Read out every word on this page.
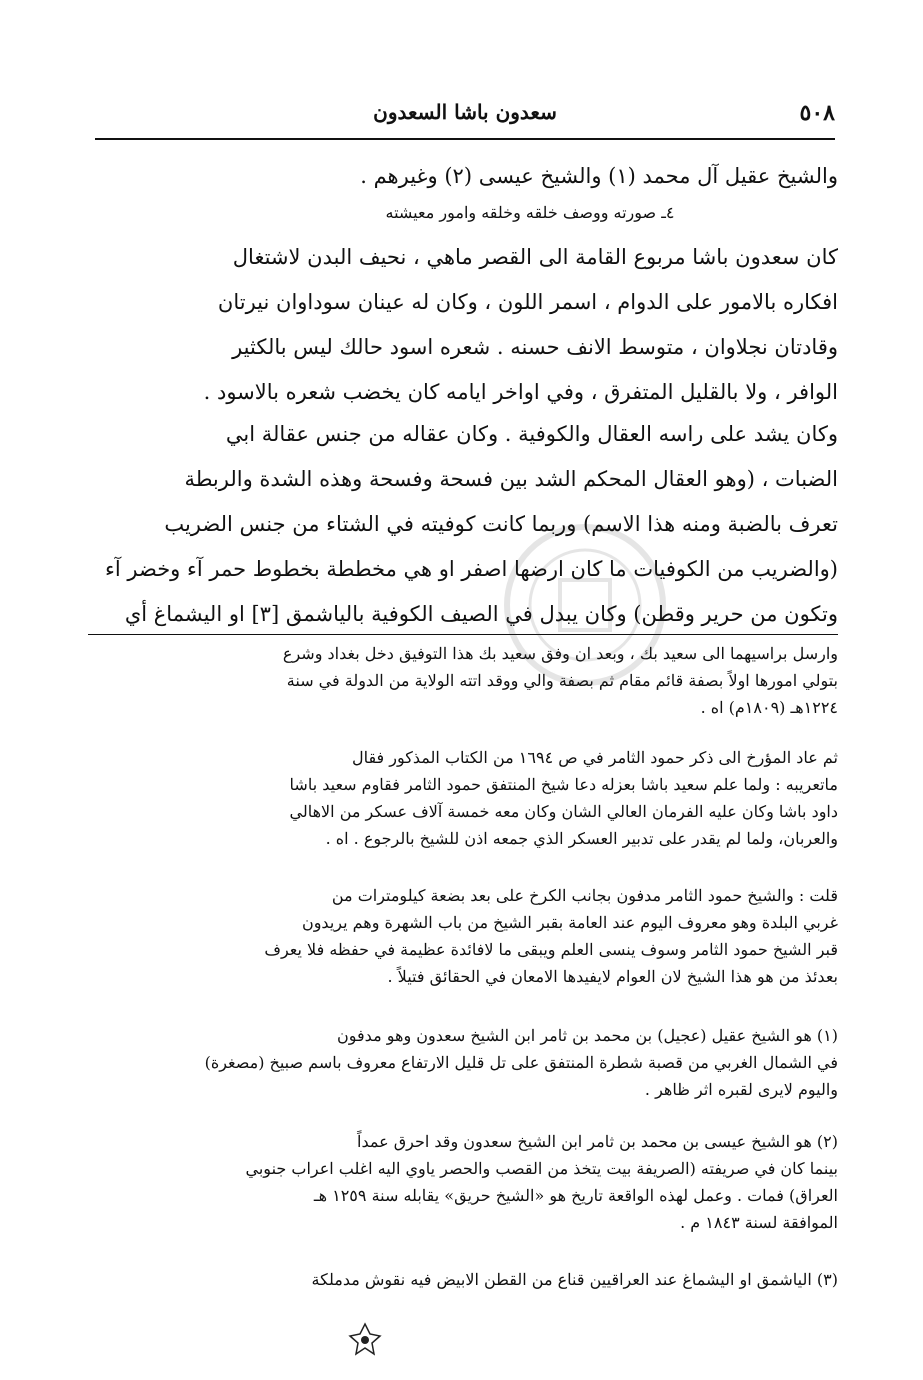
٥٠٨
سعدون باشا السعدون
والشيخ عقيل آل محمد (١) والشيخ عيسى (٢) وغيرهم .
٤ـ صورته ووصف خلقه وخلقه وامور معيشته
كان سعدون باشا مربوع القامة الى القصر ماهي ، نحيف البدن لاشتغال
افكاره بالامور على الدوام ، اسمر اللون ، وكان له عينان سوداوان نيرتان
وقادتان نجلاوان ، متوسط الانف حسنه . شعره اسود حالك ليس بالكثير
الوافر ، ولا بالقليل المتفرق ، وفي اواخر ايامه كان يخضب شعره بالاسود .
وكان يشد على راسه العقال والكوفية . وكان عقاله من جنس عقالة ابي
الضبات ، (وهو العقال المحكم الشد بين فسحة وفسحة وهذه الشدة والربطة
تعرف بالضبة ومنه هذا الاسم) وربما كانت كوفيته في الشتاء من جنس الضريب
(والضريب من الكوفيات ما كان ارضها اصفر او هي مخططة بخطوط حمر آء وخضر آء
وتكون من حرير وقطن) وكان يبدل في الصيف الكوفية بالياشمق [٣] او اليشماغ أي
وارسل براسيهما الى سعيد بك ، وبعد ان وفق سعيد بك هذا التوفيق دخل بغداد وشرع
بتولي امورها اولاً بصفة قائم مقام ثم بصفة والي ووقد اتته الولاية من الدولة في سنة
١٢٢٤هـ (١٨٠٩م) اه .
ثم عاد المؤرخ الى ذكر حمود الثامر في ص ١٦٩٤ من الكتاب المذكور فقال
ماتعريبه : ولما علم سعيد باشا بعزله دعا شيخ المنتفق حمود الثامر فقاوم سعيد باشا
داود باشا وكان عليه الفرمان العالي الشان وكان معه خمسة آلاف عسكر من الاهالي
والعربان، ولما لم يقدر على تدبير العسكر الذي جمعه اذن للشيخ بالرجوع . اه .
قلت : والشيخ حمود الثامر مدفون بجانب الكرخ على بعد بضعة كيلومترات من
غربي البلدة وهو معروف اليوم عند العامة بقبر الشيخ من باب الشهرة وهم يريدون
قبر الشيخ حمود الثامر وسوف ينسى العلم ويبقى ما لافائدة عظيمة في حفظه فلا يعرف
بعدئذ من هو هذا الشيخ لان العوام لايفيدها الامعان في الحقائق فتيلاً .
(١) هو الشيخ عقيل (عجيل) بن محمد بن ثامر ابن الشيخ سعدون وهو مدفون
في الشمال الغربي من قصبة شطرة المنتفق على تل قليل الارتفاع معروف باسم صبيخ (مصغرة)
واليوم لايرى لقبره اثر ظاهر .
(٢) هو الشيخ عيسى بن محمد بن ثامر ابن الشيخ سعدون وقد احرق عمداً
بينما كان في صريفته (الصريفة بيت يتخذ من القصب والحصر ياوي اليه اغلب اعراب جنوبي
العراق) فمات . وعمل لهذه الواقعة تاريخ هو «الشيخ حريق» يقابله سنة ١٢٥٩ هـ
الموافقة لسنة ١٨٤٣ م .
(٣) الياشمق او اليشماغ عند العراقيين قناع من القطن الابيض فيه نقوش مدملكة
